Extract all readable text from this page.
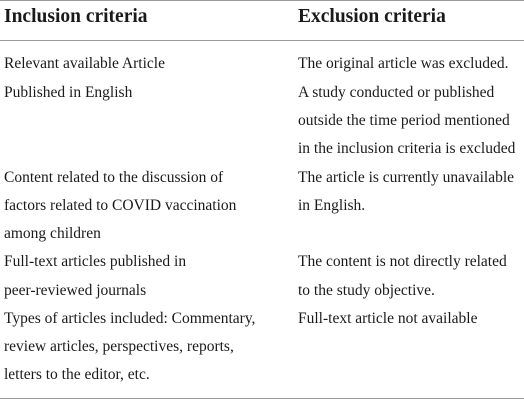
Inclusion criteria	Exclusion criteria
Relevant available Article
Published in English
Content related to the discussion of
factors related to COVID vaccination
among children
Full-text articles published in
peer-reviewed journals
Types of articles included: Commentary,
review articles, perspectives, reports,
letters to the editor, etc.
The original article was excluded.
A study conducted or published
outside the time period mentioned
in the inclusion criteria is excluded
The article is currently unavailable
in English.
The content is not directly related
to the study objective.
Full-text article not available
